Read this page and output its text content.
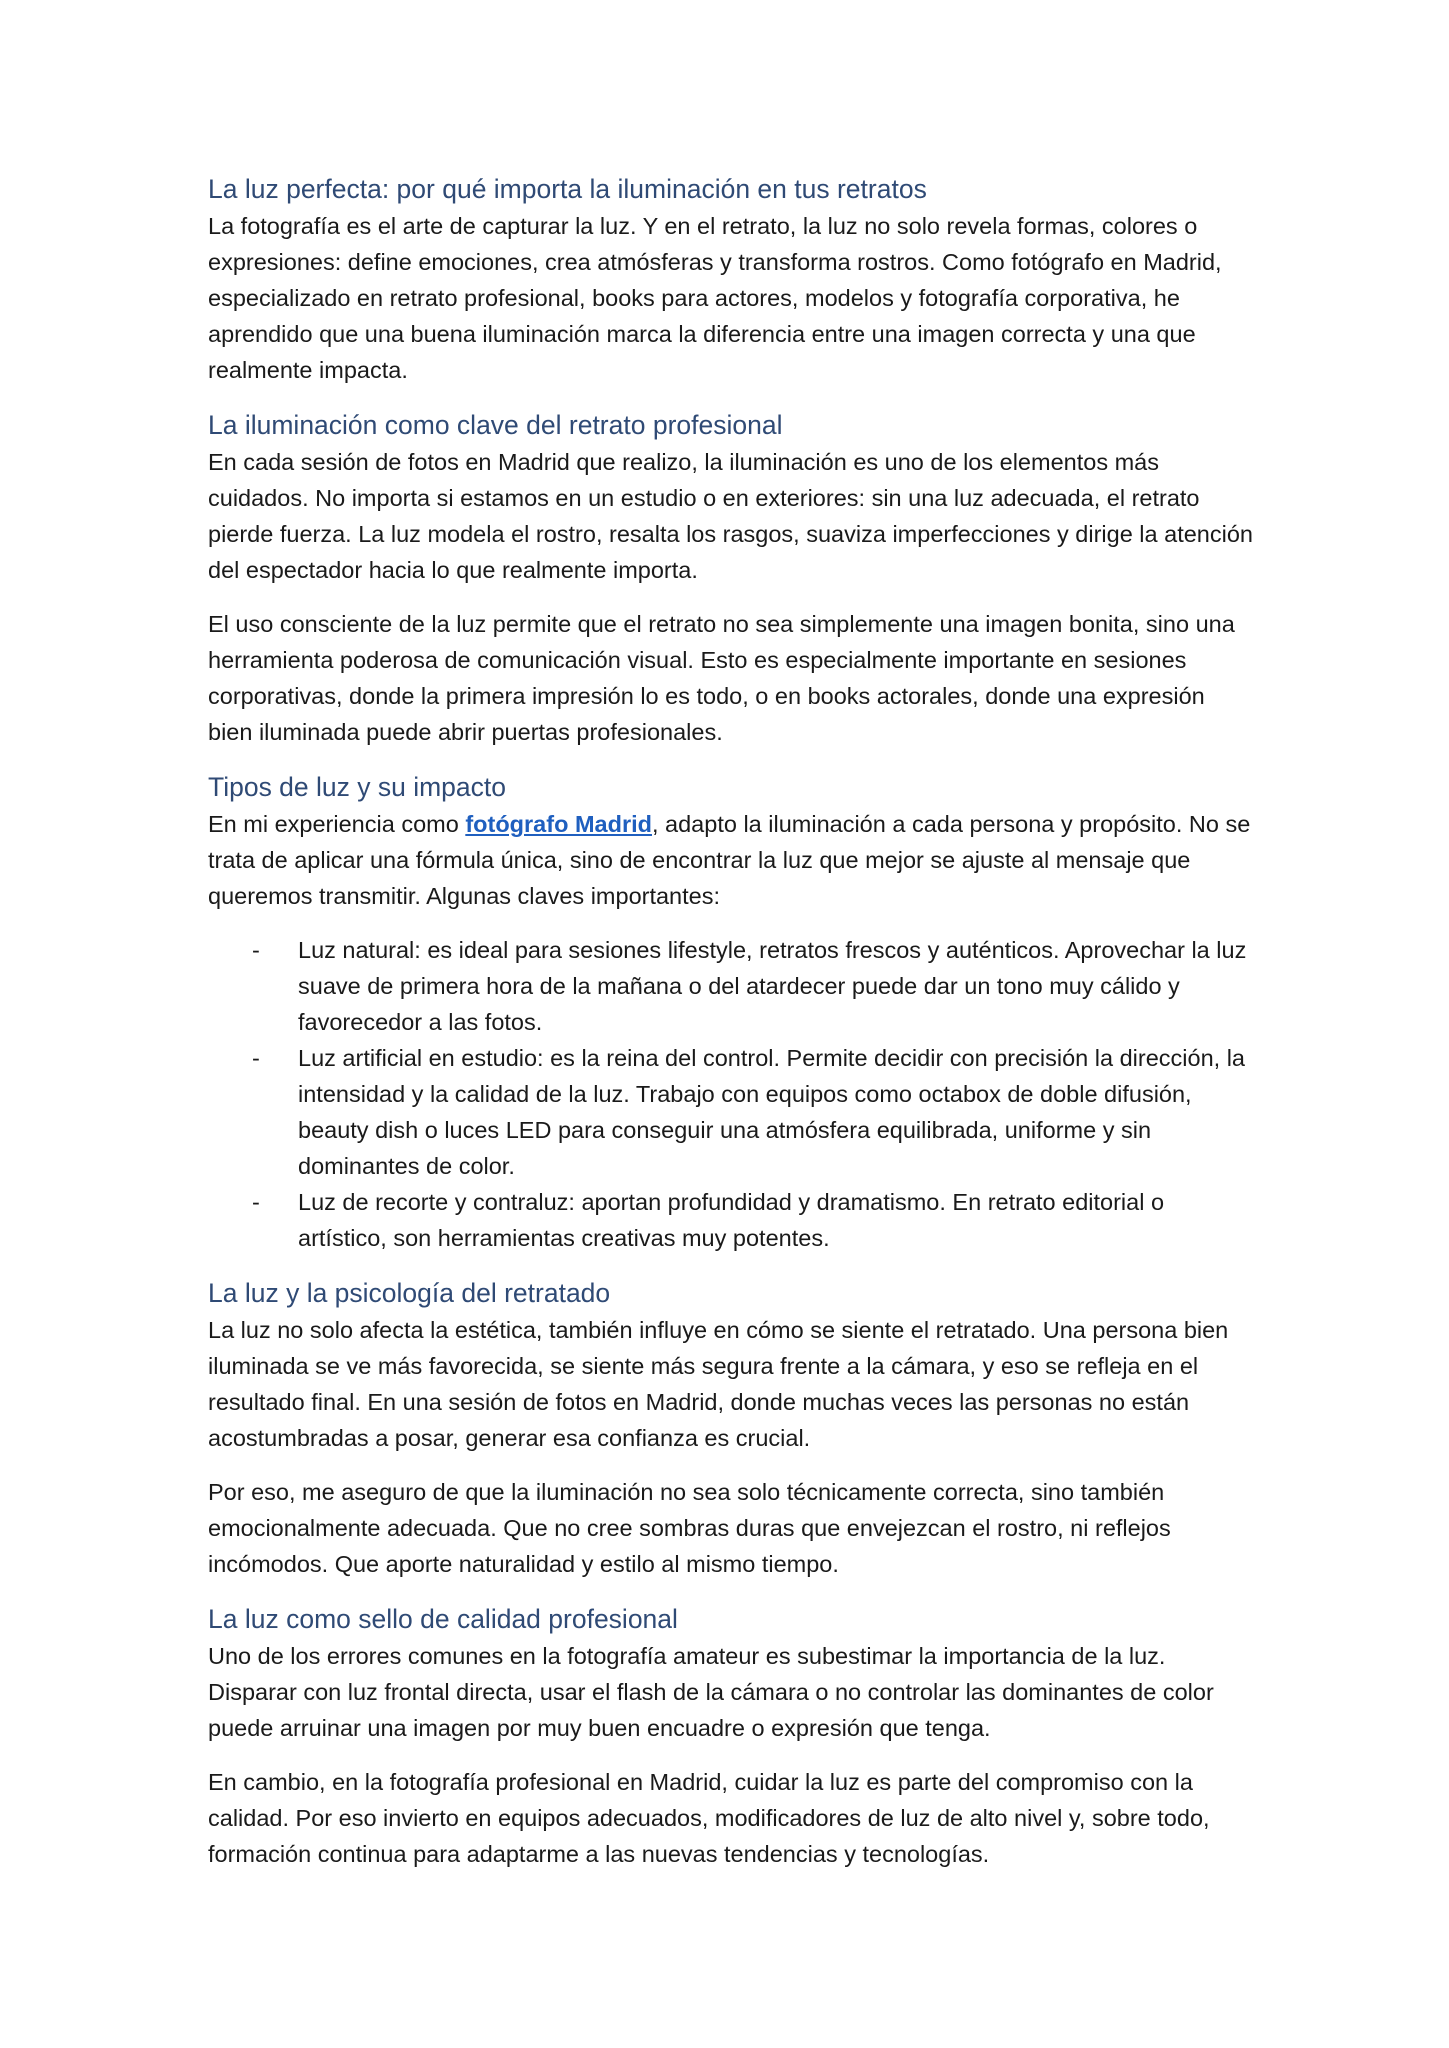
La luz perfecta: por qué importa la iluminación en tus retratos

La fotografía es el arte de capturar la luz. Y en el retrato, la luz no solo revela formas, colores o expresiones: define emociones, crea atmósferas y transforma rostros. Como fotógrafo en Madrid, especializado en retrato profesional, books para actores, modelos y fotografía corporativa, he aprendido que una buena iluminación marca la diferencia entre una imagen correcta y una que realmente impacta.

La iluminación como clave del retrato profesional

En cada sesión de fotos en Madrid que realizo, la iluminación es uno de los elementos más cuidados. No importa si estamos en un estudio o en exteriores: sin una luz adecuada, el retrato pierde fuerza. La luz modela el rostro, resalta los rasgos, suaviza imperfecciones y dirige la atención del espectador hacia lo que realmente importa.

El uso consciente de la luz permite que el retrato no sea simplemente una imagen bonita, sino una herramienta poderosa de comunicación visual. Esto es especialmente importante en sesiones corporativas, donde la primera impresión lo es todo, o en books actorales, donde una expresión bien iluminada puede abrir puertas profesionales.

Tipos de luz y su impacto

En mi experiencia como fotógrafo Madrid, adapto la iluminación a cada persona y propósito. No se trata de aplicar una fórmula única, sino de encontrar la luz que mejor se ajuste al mensaje que queremos transmitir. Algunas claves importantes:

- Luz natural: es ideal para sesiones lifestyle, retratos frescos y auténticos. Aprovechar la luz suave de primera hora de la mañana o del atardecer puede dar un tono muy cálido y favorecedor a las fotos.
- Luz artificial en estudio: es la reina del control. Permite decidir con precisión la dirección, la intensidad y la calidad de la luz. Trabajo con equipos como octabox de doble difusión, beauty dish o luces LED para conseguir una atmósfera equilibrada, uniforme y sin dominantes de color.
- Luz de recorte y contraluz: aportan profundidad y dramatismo. En retrato editorial o artístico, son herramientas creativas muy potentes.
La luz y la psicología del retratado

La luz no solo afecta la estética, también influye en cómo se siente el retratado. Una persona bien iluminada se ve más favorecida, se siente más segura frente a la cámara, y eso se refleja en el resultado final. En una sesión de fotos en Madrid, donde muchas veces las personas no están acostumbradas a posar, generar esa confianza es crucial.

Por eso, me aseguro de que la iluminación no sea solo técnicamente correcta, sino también emocionalmente adecuada. Que no cree sombras duras que envejezcan el rostro, ni reflejos incómodos. Que aporte naturalidad y estilo al mismo tiempo.

La luz como sello de calidad profesional

Uno de los errores comunes en la fotografía amateur es subestimar la importancia de la luz. Disparar con luz frontal directa, usar el flash de la cámara o no controlar las dominantes de color puede arruinar una imagen por muy buen encuadre o expresión que tenga.

En cambio, en la fotografía profesional en Madrid, cuidar la luz es parte del compromiso con la calidad. Por eso invierto en equipos adecuados, modificadores de luz de alto nivel y, sobre todo, formación continua para adaptarme a las nuevas tendencias y tecnologías.
